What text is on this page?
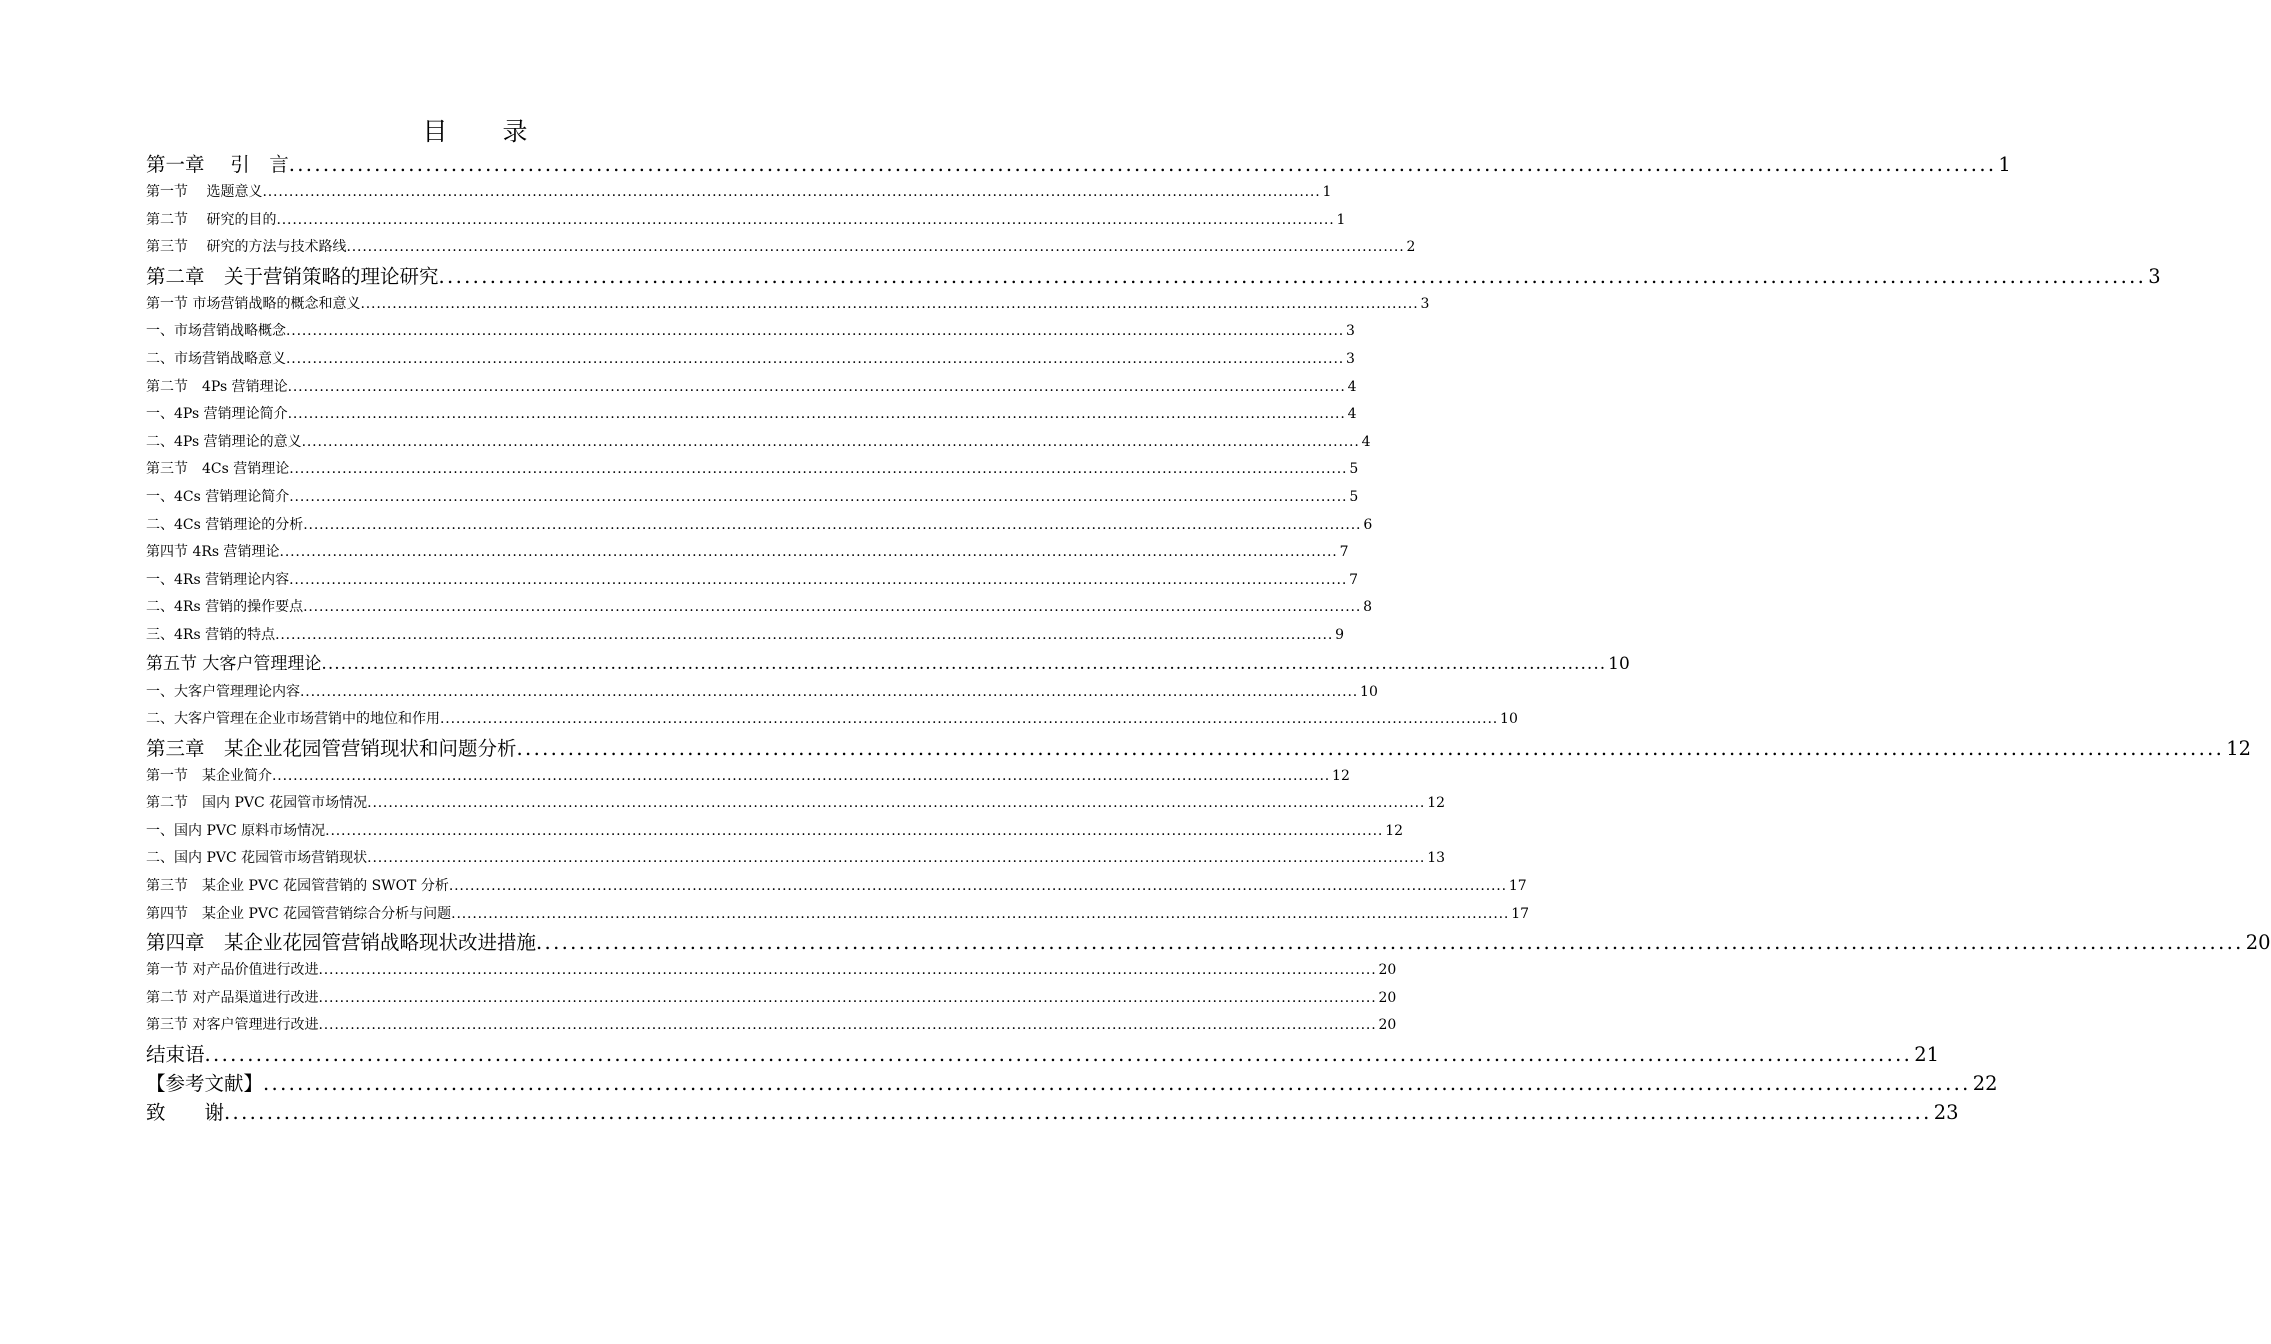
目　录
第一章　 引　言 ........................................................................................................................................................................................................ 1
第一节　 选题意义 ........................................................................................................................................................................................................ 1
第二节　 研究的目的 ........................................................................................................................................................................................................ 1
第三节　 研究的方法与技术路线 ........................................................................................................................................................................................................ 2
第二章　关于营销策略的理论研究 ........................................................................................................................................................................................................ 3
第一节 市场营销战略的概念和意义 ........................................................................................................................................................................................................ 3
一、市场营销战略概念 ........................................................................................................................................................................................................ 3
二、市场营销战略意义 ........................................................................................................................................................................................................ 3
第二节　4Ps 营销理论 ........................................................................................................................................................................................................ 4
一、4Ps 营销理论简介 ........................................................................................................................................................................................................ 4
二、4Ps 营销理论的意义 ........................................................................................................................................................................................................ 4
第三节　4Cs 营销理论 ........................................................................................................................................................................................................ 5
一、4Cs 营销理论简介 ........................................................................................................................................................................................................ 5
二、4Cs 营销理论的分析 ........................................................................................................................................................................................................ 6
第四节 4Rs 营销理论 ........................................................................................................................................................................................................ 7
一、4Rs 营销理论内容 ........................................................................................................................................................................................................ 7
二、4Rs 营销的操作要点 ........................................................................................................................................................................................................ 8
三、4Rs 营销的特点 ........................................................................................................................................................................................................ 9
第五节 大客户管理理论 ........................................................................................................................................................................................................ 10
一、大客户管理理论内容 ........................................................................................................................................................................................................ 10
二、大客户管理在企业市场营销中的地位和作用 ........................................................................................................................................................................................................ 10
第三章　某企业花园管营销现状和问题分析 ........................................................................................................................................................................................................ 12
第一节　某企业简介 ........................................................................................................................................................................................................ 12
第二节　国内 PVC 花园管市场情况 ........................................................................................................................................................................................................ 12
一、国内 PVC 原料市场情况 ........................................................................................................................................................................................................ 12
二、国内 PVC 花园管市场营销现状 ........................................................................................................................................................................................................ 13
第三节　某企业 PVC 花园管营销的 SWOT 分析 ........................................................................................................................................................................................................ 17
第四节　某企业 PVC 花园管营销综合分析与问题 ........................................................................................................................................................................................................ 17
第四章　某企业花园管营销战略现状改进措施 ........................................................................................................................................................................................................ 20
第一节 对产品价值进行改进 ........................................................................................................................................................................................................ 20
第二节 对产品渠道进行改进 ........................................................................................................................................................................................................ 20
第三节 对客户管理进行改进 ........................................................................................................................................................................................................ 20
结束语 ........................................................................................................................................................................................................ 21
【参考文献】 ........................................................................................................................................................................................................ 22
致　　谢 ........................................................................................................................................................................................................ 23
